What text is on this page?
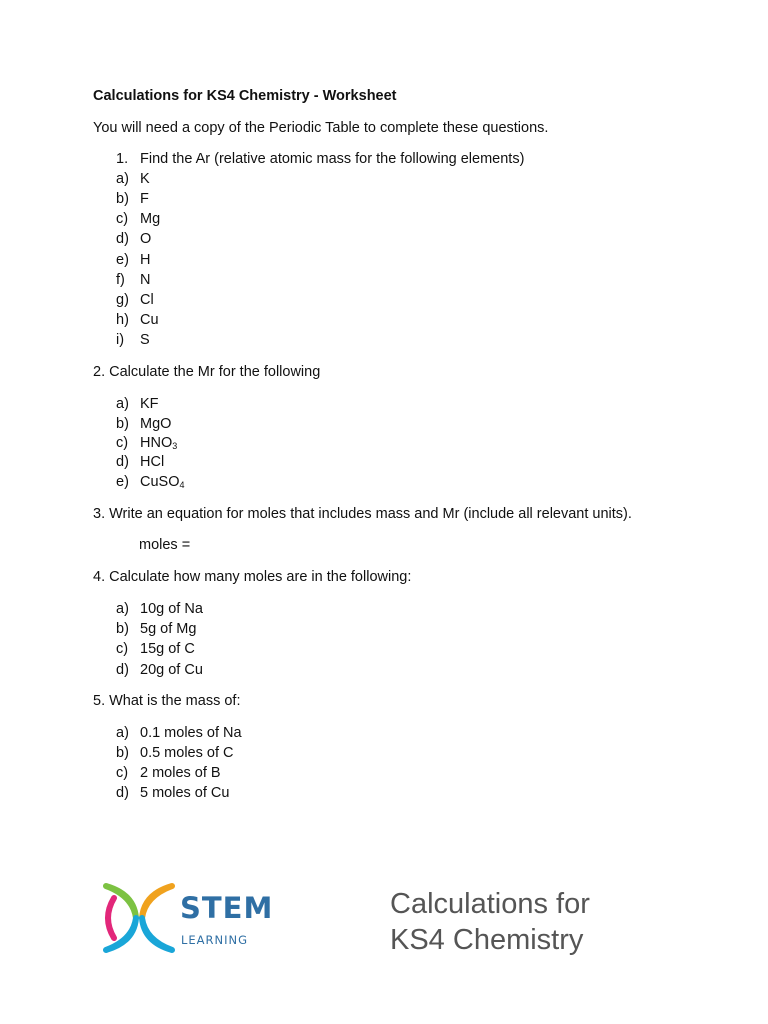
Calculations for KS4 Chemistry - Worksheet
You will need a copy of the Periodic Table to complete these questions.
1. Find the Ar (relative atomic mass for the following elements)
a) K
b) F
c) Mg
d) O
e) H
f) N
g) Cl
h) Cu
i) S
2. Calculate the Mr for the following
a) KF
b) MgO
c) $HNO_3$
d) HCl
e) CuSO$_4$
3. Write an equation for moles that includes mass and Mr (include all relevant units).
moles =
4. Calculate how many moles are in the following:
a) 10g of Na
b) 5g of Mg
c) 15g of C
d) 20g of Cu
5. What is the mass of:
a) 0.1 moles of Na
b) 0.5 moles of C
c) 2 moles of B
d) 5 moles of Cu
STEM
LEARNING
Calculations for
KS4 Chemistry
